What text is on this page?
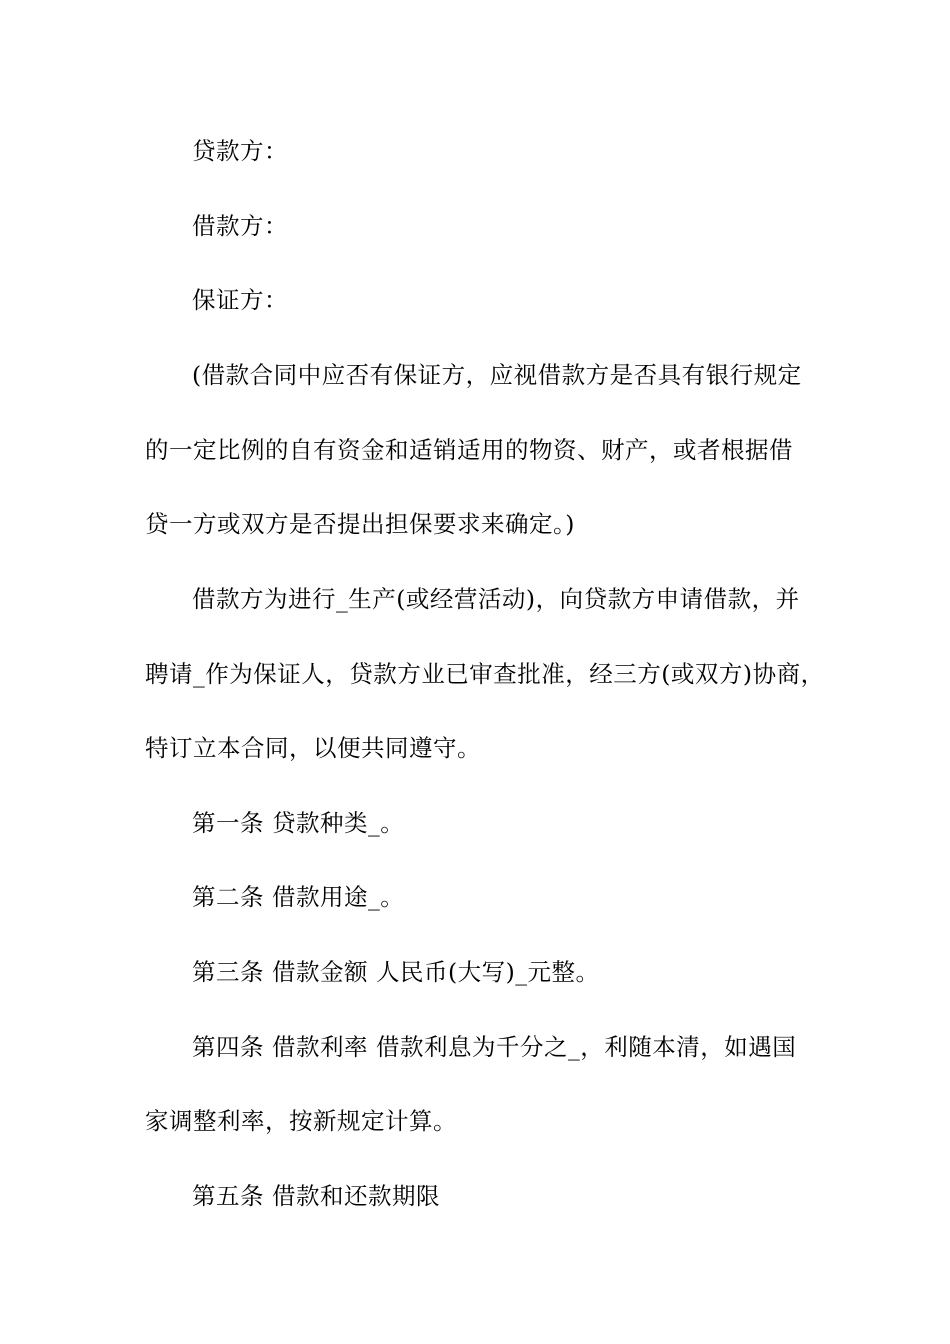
贷款方：
借款方：
保证方：
(借款合同中应否有保证方，应视借款方是否具有银行规定
的一定比例的自有资金和适销适用的物资、财产，或者根据借
贷一方或双方是否提出担保要求来确定。)
借款方为进行_生产(或经营活动)，向贷款方申请借款，并
聘请_作为保证人，贷款方业已审查批准，经三方(或双方)协商，
特订立本合同，以便共同遵守。
第一条 贷款种类_。
第二条 借款用途_。
第三条 借款金额 人民币(大写)_元整。
第四条 借款利率 借款利息为千分之_，利随本清，如遇国
家调整利率，按新规定计算。
第五条 借款和还款期限
